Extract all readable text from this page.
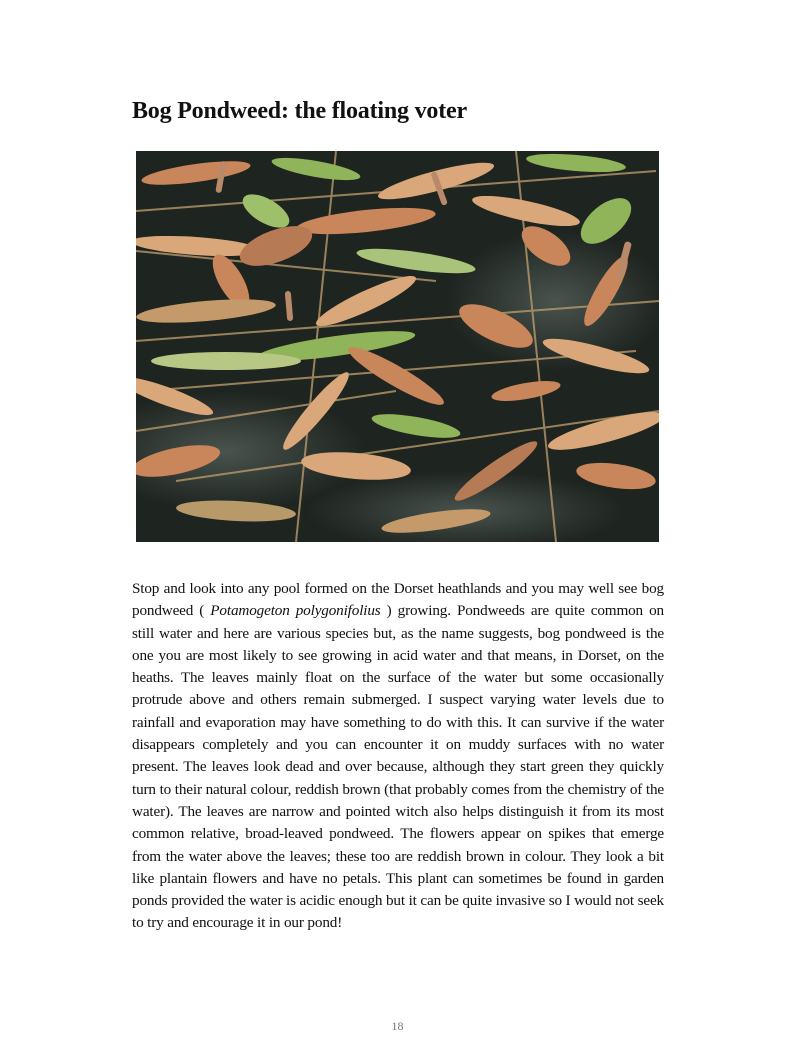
Bog Pondweed: the floating voter

Stop and look into any pool formed on the Dorset heathlands and you may well see bog pondweed ( Potamogeton polygonifolius ) growing. Pondweeds are quite common on still water and here are various species but, as the name suggests, bog pondweed is the one you are most likely to see growing in acid water and that means, in Dorset, on the heaths. The leaves mainly float on the surface of the water but some occasionally protrude above and others remain submerged. I suspect varying water levels due to rainfall and evaporation may have something to do with this. It can survive if the water disappears completely and you can encounter it on muddy surfaces with no water present. The leaves look dead and over because, although they start green they quickly turn to their natural colour, reddish brown (that probably comes from the chemistry of the water). The leaves are narrow and pointed witch also helps distinguish it from its most common relative, broad-leaved pondweed. The flowers appear on spikes that emerge from the water above the leaves; these too are reddish brown in colour. They look a bit like plantain flowers and have no petals. This plant can sometimes be found in garden ponds provided the water is acidic enough but it can be quite invasive so I would not seek to try and encourage it in our pond!

18
